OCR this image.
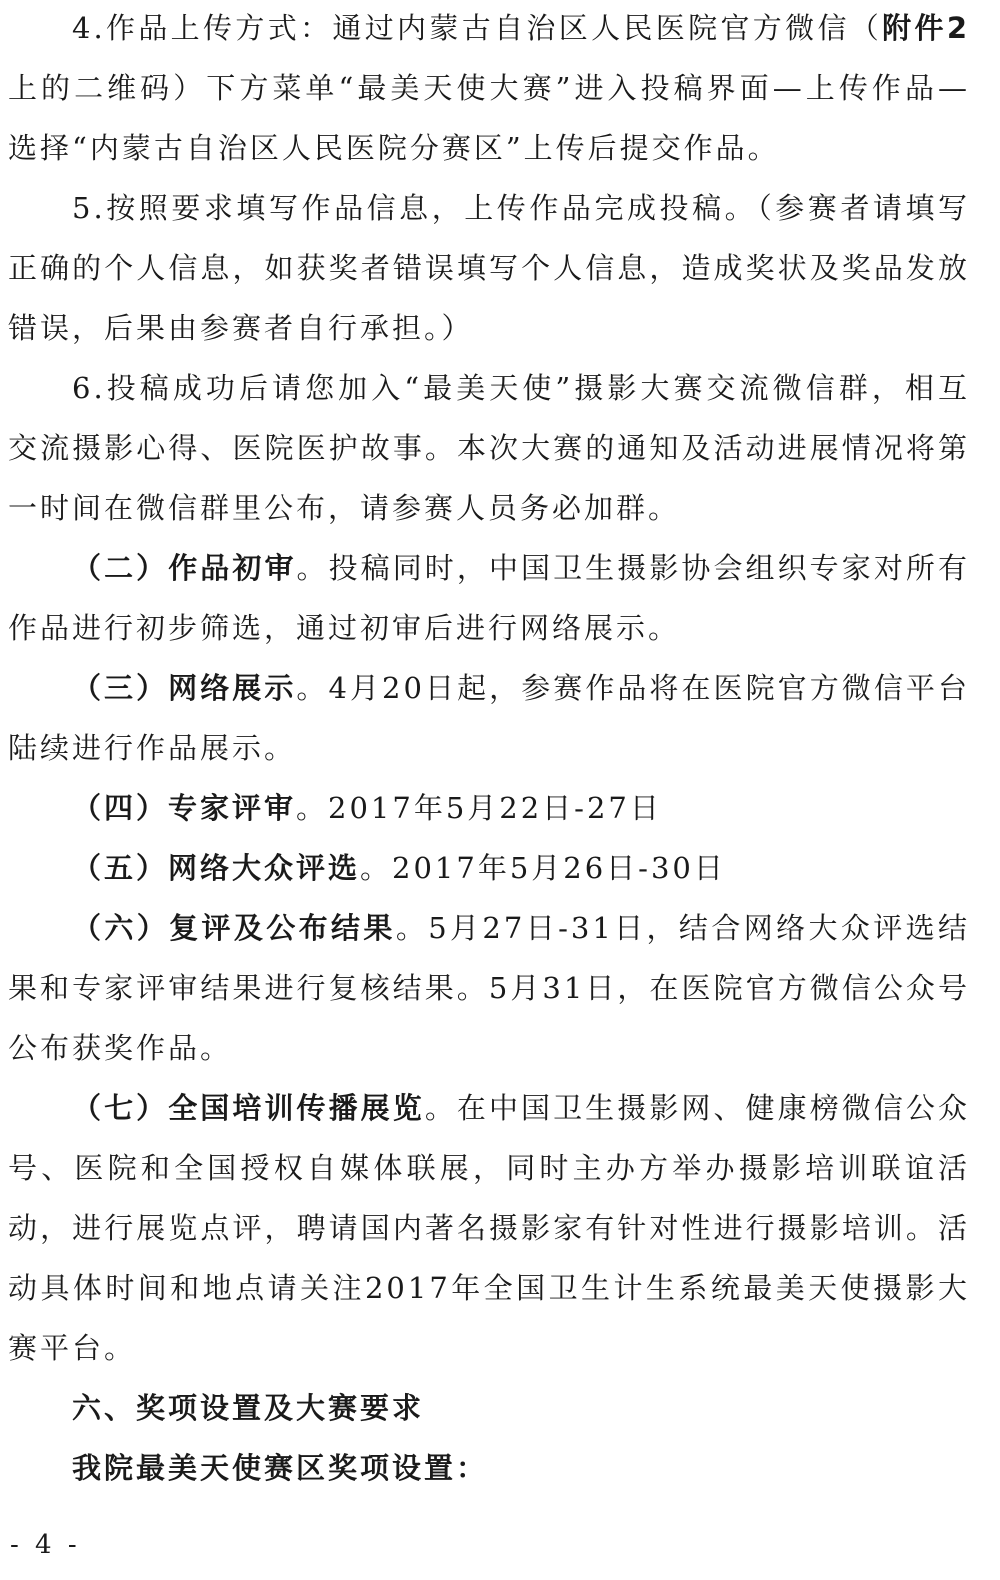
4.作品上传方式：通过内蒙古自治区人民医院官方微信（附件2上的二维码）下方菜单“最美天使大赛”进入投稿界面—上传作品—选择“内蒙古自治区人民医院分赛区”上传后提交作品。

5.按照要求填写作品信息，上传作品完成投稿。（参赛者请填写正确的个人信息，如获奖者错误填写个人信息，造成奖状及奖品发放错误，后果由参赛者自行承担。）

6.投稿成功后请您加入“最美天使”摄影大赛交流微信群，相互交流摄影心得、医院医护故事。本次大赛的通知及活动进展情况将第一时间在微信群里公布，请参赛人员务必加群。

（二）作品初审。投稿同时，中国卫生摄影协会组织专家对所有作品进行初步筛选，通过初审后进行网络展示。

（三）网络展示。4月20日起，参赛作品将在医院官方微信平台陆续进行作品展示。

（四）专家评审。2017年5月22日-27日

（五）网络大众评选。2017年5月26日-30日

（六）复评及公布结果。5月27日-31日，结合网络大众评选结果和专家评审结果进行复核结果。5月31日，在医院官方微信公众号公布获奖作品。

（七）全国培训传播展览。在中国卫生摄影网、健康榜微信公众号、医院和全国授权自媒体联展，同时主办方举办摄影培训联谊活动，进行展览点评，聘请国内著名摄影家有针对性进行摄影培训。活动具体时间和地点请关注2017年全国卫生计生系统最美天使摄影大赛平台。

六、奖项设置及大赛要求

我院最美天使赛区奖项设置：

- 4 -
